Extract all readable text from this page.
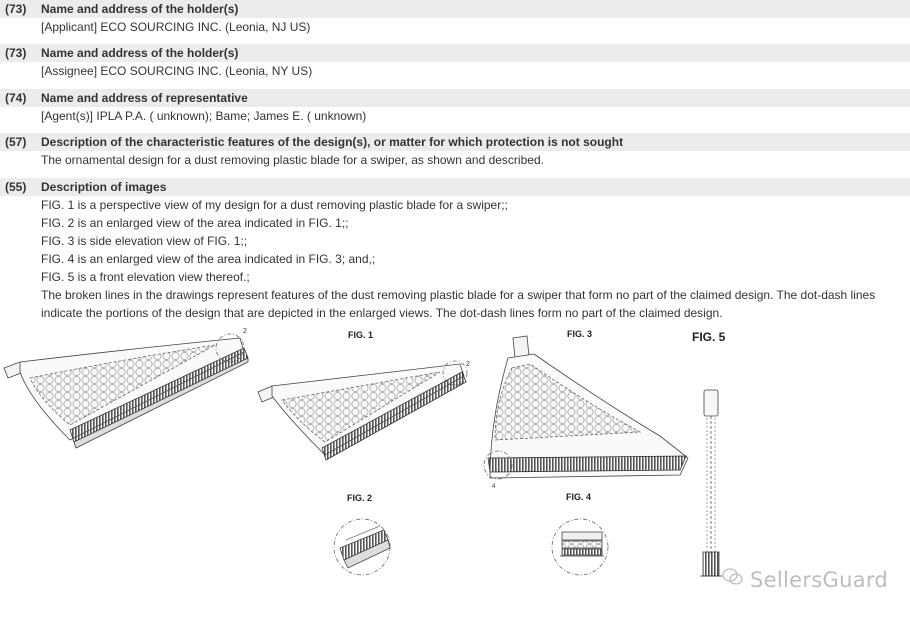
(73) Name and address of the holder(s)
[Applicant] ECO SOURCING INC. (Leonia, NJ US)
(73) Name and address of the holder(s)
[Assignee] ECO SOURCING INC. (Leonia, NY US)
(74) Name and address of representative
[Agent(s)] IPLA P.A. ( unknown); Bame; James E. ( unknown)
(57) Description of the characteristic features of the design(s), or matter for which protection is not sought
The ornamental design for a dust removing plastic blade for a swiper, as shown and described.
(55) Description of images
FIG. 1 is a perspective view of my design for a dust removing plastic blade for a swiper;;
FIG. 2 is an enlarged view of the area indicated in FIG. 1;;
FIG. 3 is side elevation view of FIG. 1;;
FIG. 4 is an enlarged view of the area indicated in FIG. 3; and,;
FIG. 5 is a front elevation view thereof.;
The broken lines in the drawings represent features of the dust removing plastic blade for a swiper that form no part of the claimed design. The dot-dash lines
indicate the portions of the design that are depicted in the enlarged views. The dot-dash lines form no part of the claimed design.
FIG. 1
FIG. 2
FIG. 3
FIG. 4
FIG. 5
2
2
4
SellersGuard
